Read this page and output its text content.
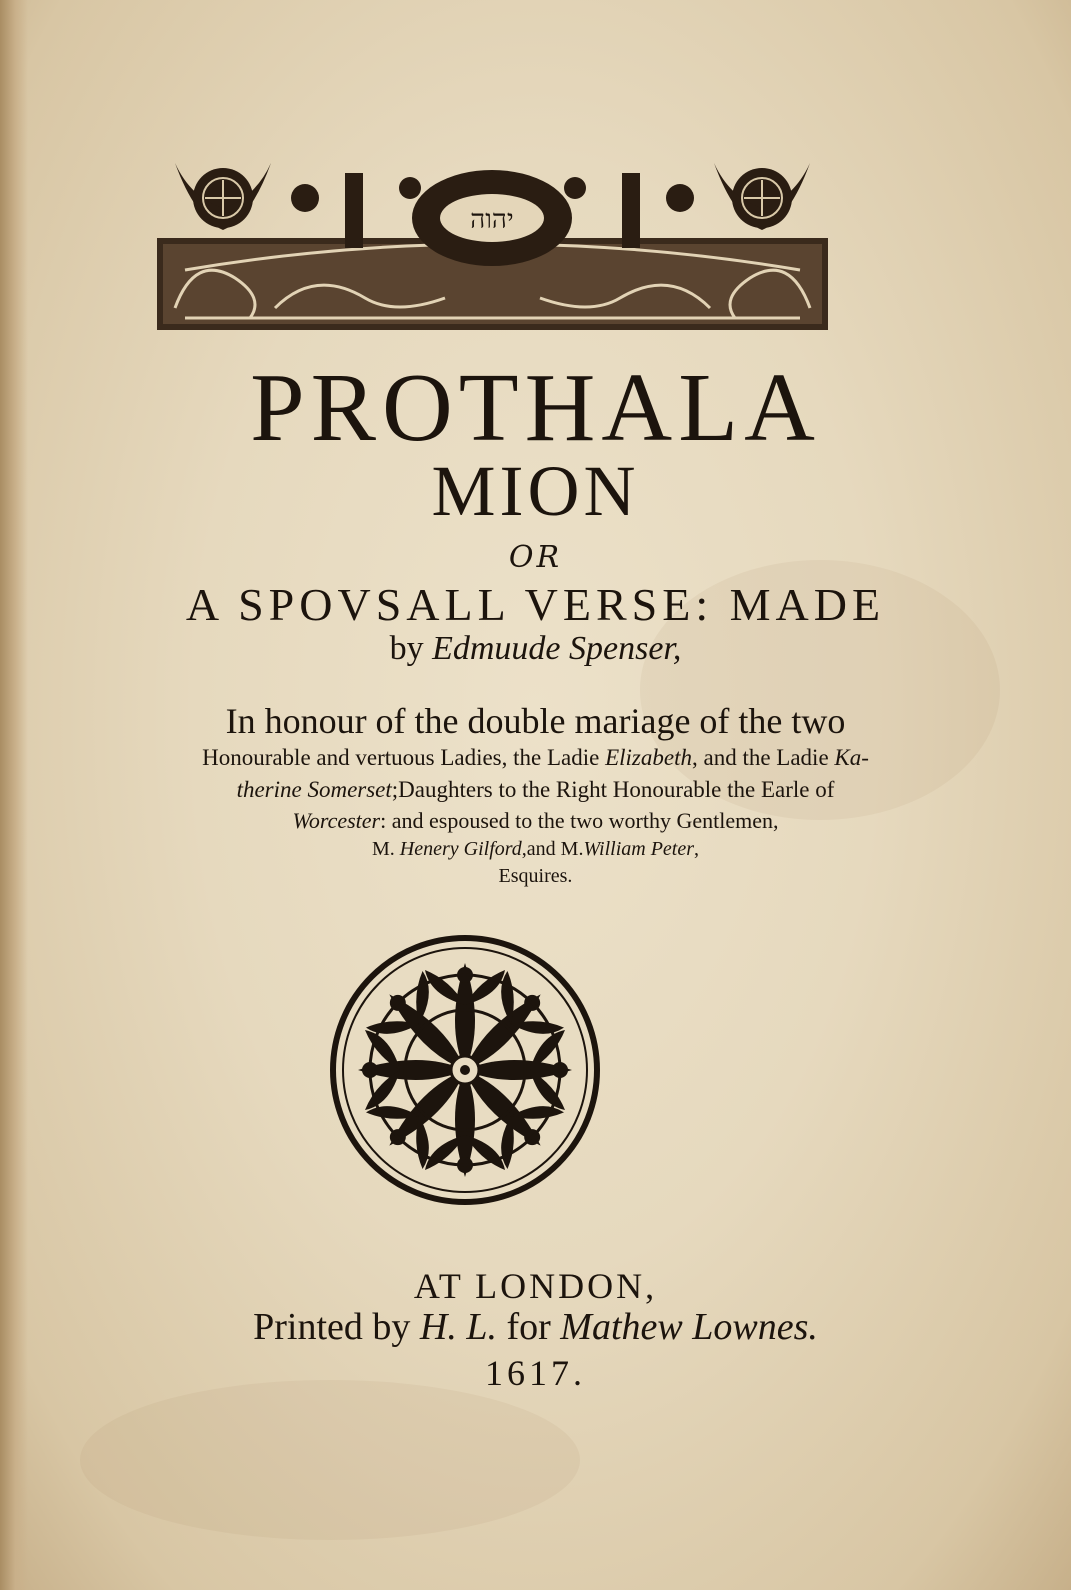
יהוה
PROTHALA
MION
OR
A SPOVSALL VERSE: MADE
by Edmuude Spenser,
In honour of the double mariage of the two
Honourable and vertuous Ladies, the Ladie Elizabeth, and the Ladie Ka-
therine Somerset;Daughters to the Right Honourable the Earle of
Worcester: and espoused to the two worthy Gentlemen,
M. Henery Gilford,and M.William Peter,
Esquires.
AT LONDON,
Printed by H. L. for Mathew Lownes.
1617.
